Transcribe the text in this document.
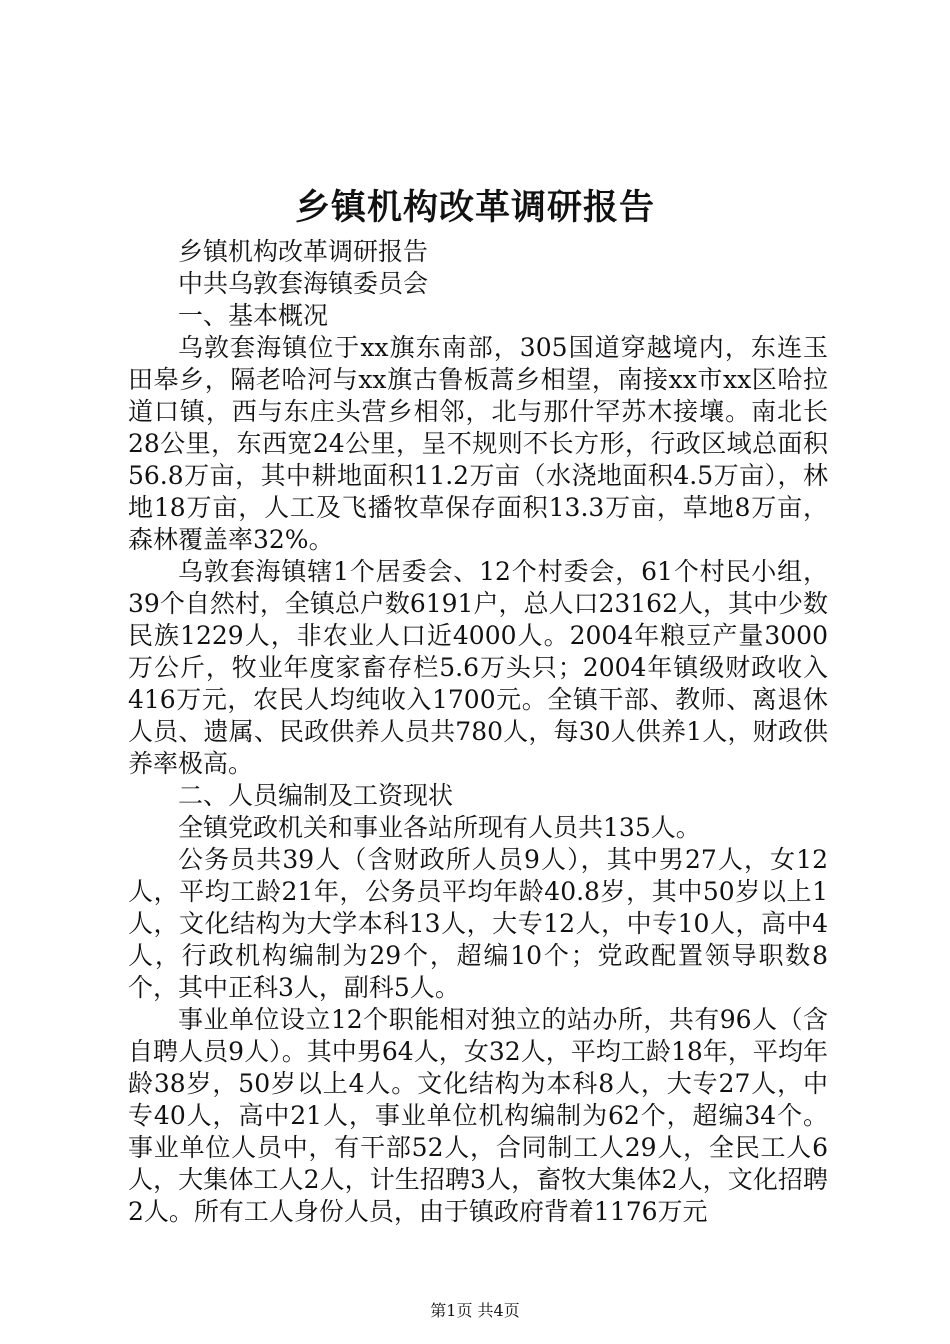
乡镇机构改革调研报告

乡镇机构改革调研报告

中共乌敦套海镇委员会

一、基本概况

乌敦套海镇位于xx旗东南部，305国道穿越境内，东连玉田皋乡，隔老哈河与xx旗古鲁板蒿乡相望，南接xx市xx区哈拉道口镇，西与东庄头营乡相邻，北与那什罕苏木接壤。南北长28公里，东西宽24公里，呈不规则不长方形，行政区域总面积56.8万亩，其中耕地面积11.2万亩（水浇地面积4.5万亩），林地18万亩，人工及飞播牧草保存面积13.3万亩，草地8万亩，森林覆盖率32%。

乌敦套海镇辖1个居委会、12个村委会，61个村民小组，39个自然村，全镇总户数6191户，总人口23162人，其中少数民族1229人，非农业人口近4000人。2004年粮豆产量3000万公斤，牧业年度家畜存栏5.6万头只；2004年镇级财政收入416万元，农民人均纯收入1700元。全镇干部、教师、离退休人员、遗属、民政供养人员共780人，每30人供养1人，财政供养率极高。

二、人员编制及工资现状

全镇党政机关和事业各站所现有人员共135人。

公务员共39人（含财政所人员9人），其中男27人，女12人，平均工龄21年，公务员平均年龄40.8岁，其中50岁以上1人，文化结构为大学本科13人，大专12人，中专10人，高中4人，行政机构编制为29个，超编10个；党政配置领导职数8个，其中正科3人，副科5人。

事业单位设立12个职能相对独立的站办所，共有96人（含自聘人员9人）。其中男64人，女32人，平均工龄18年，平均年龄38岁，50岁以上4人。文化结构为本科8人，大专27人，中专40人，高中21人，事业单位机构编制为62个，超编34个。事业单位人员中，有干部52人，合同制工人29人，全民工人6人，大集体工人2人，计生招聘3人，畜牧大集体2人，文化招聘2人。所有工人身份人员，由于镇政府背着1176万元

第1页 共4页
